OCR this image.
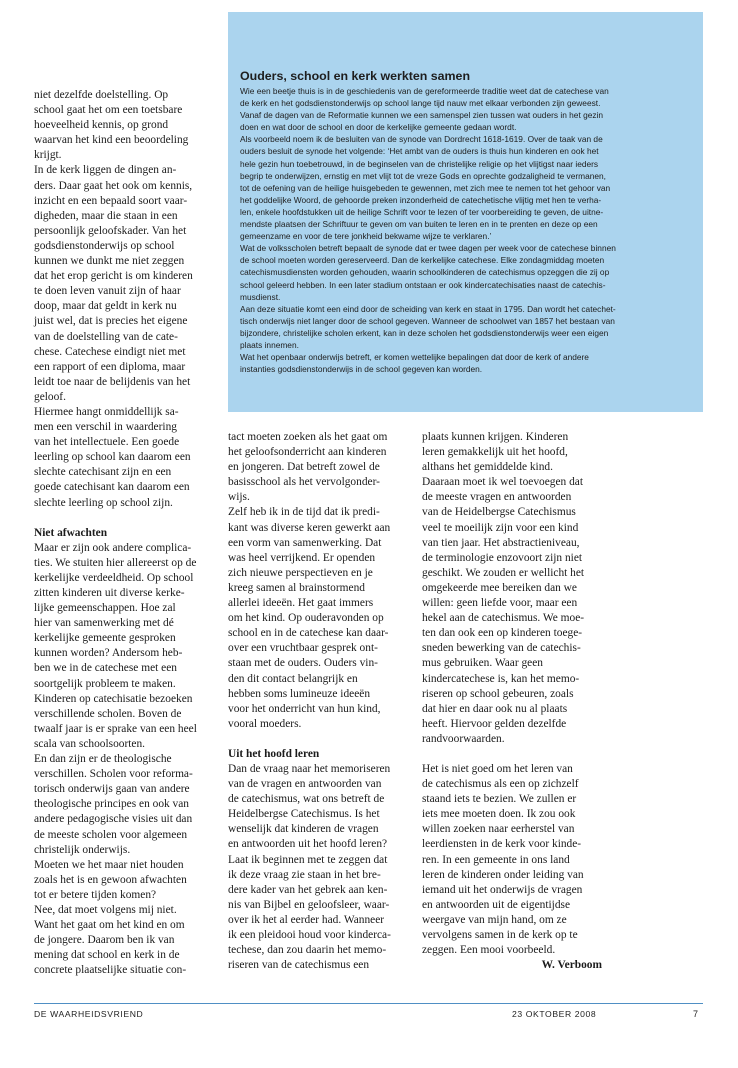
Ouders, school en kerk werkten samen

Wie een beetje thuis is in de geschiedenis van de gereformeerde traditie weet dat de catechese van

de kerk en het godsdienstonderwijs op school lange tijd nauw met elkaar verbonden zijn geweest.

Vanaf de dagen van de Reformatie kunnen we een samenspel zien tussen wat ouders in het gezin

doen en wat door de school en door de kerkelijke gemeente gedaan wordt.

Als voorbeeld noem ik de besluiten van de synode van Dordrecht 1618-1619. Over de taak van de

ouders besluit de synode het volgende: ‘Het ambt van de ouders is thuis hun kinderen en ook het

hele gezin hun toebetrouwd, in de beginselen van de christelijke religie op het vlijtigst naar ieders

begrip te onderwijzen, ernstig en met vlijt tot de vreze Gods en oprechte godzaligheid te vermanen,

tot de oefening van de heilige huisgebeden te gewennen, met zich mee te nemen tot het gehoor van

het goddelijke Woord, de gehoorde preken inzonderheid de catechetische vlijtig met hen te verha-

len, enkele hoofdstukken uit de heilige Schrift voor te lezen of ter voorbereiding te geven, de uitne-

mendste plaatsen der Schriftuur te geven om van buiten te leren en in te prenten en deze op een

gemeenzame en voor de tere jonkheid bekwame wijze te verklaren.’

Wat de volksscholen betreft bepaalt de synode dat er twee dagen per week voor de catechese binnen

de school moeten worden gereserveerd. Dan de kerkelijke catechese. Elke zondagmiddag moeten

catechismusdiensten worden gehouden, waarin schoolkinderen de catechismus opzeggen die zij op

school geleerd hebben. In een later stadium ontstaan er ook kindercatechisaties naast de catechis-

musdienst.

Aan deze situatie komt een eind door de scheiding van kerk en staat in 1795. Dan wordt het catechet-

tisch onderwijs niet langer door de school gegeven. Wanneer de schoolwet van 1857 het bestaan van

bijzondere, christelijke scholen erkent, kan in deze scholen het godsdienstonderwijs weer een eigen

plaats innemen.

Wat het openbaar onderwijs betreft, er komen wettelijke bepalingen dat door de kerk of andere

instanties godsdienstonderwijs in de school gegeven kan worden.

niet dezelfde doelstelling. Op

school gaat het om een toetsbare

hoeveelheid kennis, op grond

waarvan het kind een beoordeling

krijgt.

In de kerk liggen de dingen an-

ders. Daar gaat het ook om kennis,

inzicht en een bepaald soort vaar-

digheden, maar die staan in een

persoonlijk geloofskader. Van het

godsdienstonderwijs op school

kunnen we dunkt me niet zeggen

dat het erop gericht is om kinderen

te doen leven vanuit zijn of haar

doop, maar dat geldt in kerk nu

juist wel, dat is precies het eigene

van de doelstelling van de cate-

chese. Catechese eindigt niet met

een rapport of een diploma, maar

leidt toe naar de belijdenis van het

geloof.

Hiermee hangt onmiddellijk sa-

men een verschil in waardering

van het intellectuele. Een goede

leerling op school kan daarom een

slechte catechisant zijn en een

goede catechisant kan daarom een

slechte leerling op school zijn.

Niet afwachten

Maar er zijn ook andere complica-

ties. We stuiten hier allereerst op de

kerkelijke verdeeldheid. Op school

zitten kinderen uit diverse kerke-

lijke gemeenschappen. Hoe zal

hier van samenwerking met dé

kerkelijke gemeente gesproken

kunnen worden? Andersom heb-

ben we in de catechese met een

soortgelijk probleem te maken.

Kinderen op catechisatie bezoeken

verschillende scholen. Boven de

twaalf jaar is er sprake van een heel

scala van schoolsoorten.

En dan zijn er de theologische

verschillen. Scholen voor reforma-

torisch onderwijs gaan van andere

theologische principes en ook van

andere pedagogische visies uit dan

de meeste scholen voor algemeen

christelijk onderwijs.

Moeten we het maar niet houden

zoals het is en gewoon afwachten

tot er betere tijden komen?

Nee, dat moet volgens mij niet.

Want het gaat om het kind en om

de jongere. Daarom ben ik van

mening dat school en kerk in de

concrete plaatselijke situatie con-

tact moeten zoeken als het gaat om

het geloofsonderricht aan kinderen

en jongeren. Dat betreft zowel de

basisschool als het vervolgonder-

wijs.

Zelf heb ik in de tijd dat ik predi-

kant was diverse keren gewerkt aan

een vorm van samenwerking. Dat

was heel verrijkend. Er openden

zich nieuwe perspectieven en je

kreeg samen al brainstormend

allerlei ideeën. Het gaat immers

om het kind. Op ouderavonden op

school en in de catechese kan daar-

over een vruchtbaar gesprek ont-

staan met de ouders. Ouders vin-

den dit contact belangrijk en

hebben soms lumineuze ideeën

voor het onderricht van hun kind,

vooral moeders.

Uit het hoofd leren

Dan de vraag naar het memoriseren

van de vragen en antwoorden van

de catechismus, wat ons betreft de

Heidelbergse Catechismus. Is het

wenselijk dat kinderen de vragen

en antwoorden uit het hoofd leren?

Laat ik beginnen met te zeggen dat

ik deze vraag zie staan in het bre-

dere kader van het gebrek aan ken-

nis van Bijbel en geloofsleer, waar-

over ik het al eerder had. Wanneer

ik een pleidooi houd voor kinderca-

techese, dan zou daarin het memo-

riseren van de catechismus een

plaats kunnen krijgen. Kinderen

leren gemakkelijk uit het hoofd,

althans het gemiddelde kind.

Daaraan moet ik wel toevoegen dat

de meeste vragen en antwoorden

van de Heidelbergse Catechismus

veel te moeilijk zijn voor een kind

van tien jaar. Het abstractieniveau,

de terminologie enzovoort zijn niet

geschikt. We zouden er wellicht het

omgekeerde mee bereiken dan we

willen: geen liefde voor, maar een

hekel aan de catechismus. We moe-

ten dan ook een op kinderen toege-

sneden bewerking van de catechis-

mus gebruiken. Waar geen

kindercatechese is, kan het memo-

riseren op school gebeuren, zoals

dat hier en daar ook nu al plaats

heeft. Hiervoor gelden dezelfde

randvoorwaarden.

Het is niet goed om het leren van

de catechismus als een op zichzelf

staand iets te bezien. We zullen er

iets mee moeten doen. Ik zou ook

willen zoeken naar eerherstel van

leerdiensten in de kerk voor kinde-

ren. In een gemeente in ons land

leren de kinderen onder leiding van

iemand uit het onderwijs de vragen

en antwoorden uit de eigentijdse

weergave van mijn hand, om ze

vervolgens samen in de kerk op te

zeggen. Een mooi voorbeeld.

W. Verboom

DE WAARHEIDSVRIEND	23 OKTOBER 2008	7
